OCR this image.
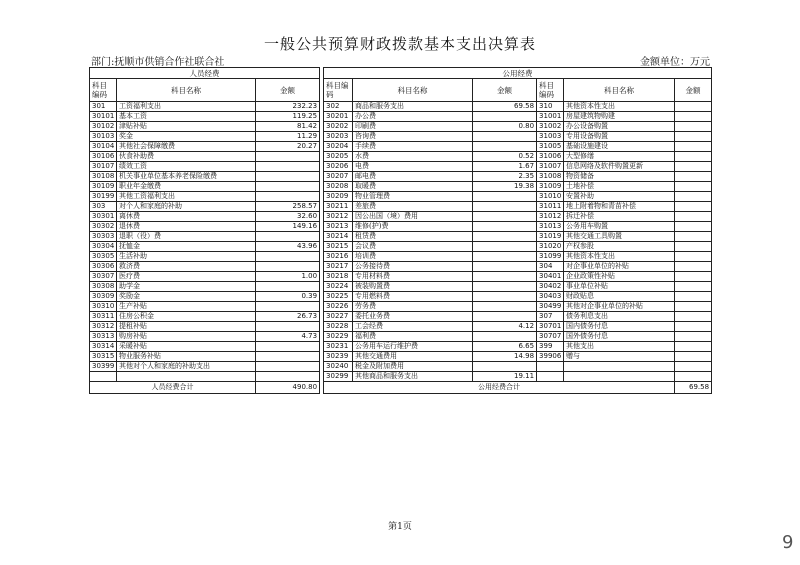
一般公共预算财政拨款基本支出决算表
部门:抚顺市供销合作社联合社	金额单位：万元
人员经费				公用经费					
科目编码	科目名称	金额		科目编码	科目名称	金额	科目编码	科目名称	金额
301	工资福利支出	232.23		302	商品和服务支出	69.58	310	其他资本性支出	
30101	基本工资	119.25		30201	办公费		31001	房屋建筑物购建	
30102	津贴补贴	81.42		30202	印刷费	0.80	31002	办公设备购置	
30103	奖金	11.29		30203	咨询费		31003	专用设备购置	
30104	其他社会保障缴费	20.27		30204	手续费		31005	基础设施建设	
30106	伙食补助费			30205	水费	0.52	31006	大型修缮	
30107	绩效工资			30206	电费	1.67	31007	信息网络及软件购置更新	
30108	机关事业单位基本养老保险缴费			30207	邮电费	2.35	31008	物资储备	
30109	职业年金缴费			30208	取暖费	19.38	31009	土地补偿	
30199	其他工资福利支出			30209	物业管理费		31010	安置补助	
303	对个人和家庭的补助	258.57		30211	差旅费		31011	地上附着物和青苗补偿	
30301	离休费	32.60		30212	因公出国（境）费用		31012	拆迁补偿	
30302	退休费	149.16		30213	维修(护)费		31013	公务用车购置	
30303	退职（役）费			30214	租赁费		31019	其他交通工具购置	
30304	抚恤金	43.96		30215	会议费		31020	产权参股	
30305	生活补助			30216	培训费		31099	其他资本性支出	
30306	救济费			30217	公务接待费		304	对企事业单位的补贴	
30307	医疗费	1.00		30218	专用材料费		30401	企业政策性补贴	
30308	助学金			30224	被装购置费		30402	事业单位补贴	
30309	奖励金	0.39		30225	专用燃料费		30403	财政贴息	
30310	生产补贴			30226	劳务费		30499	其他对企事业单位的补贴	
30311	住房公积金	26.73		30227	委托业务费		307	债务利息支出	
30312	提租补贴			30228	工会经费	4.12	30701	国内债务付息	
30313	购房补贴	4.73		30229	福利费		30707	国外债务付息	
30314	采暖补贴			30231	公务用车运行维护费	6.65	399	其他支出	
30315	物业服务补贴			30239	其他交通费用	14.98	39906	赠与	
30399	其他对个人和家庭的补助支出			30240	税金及附加费用				
				30299	其他商品和服务支出	19.11			
人员经费合计		490.80		公用经费合计					69.58
第1页
9
